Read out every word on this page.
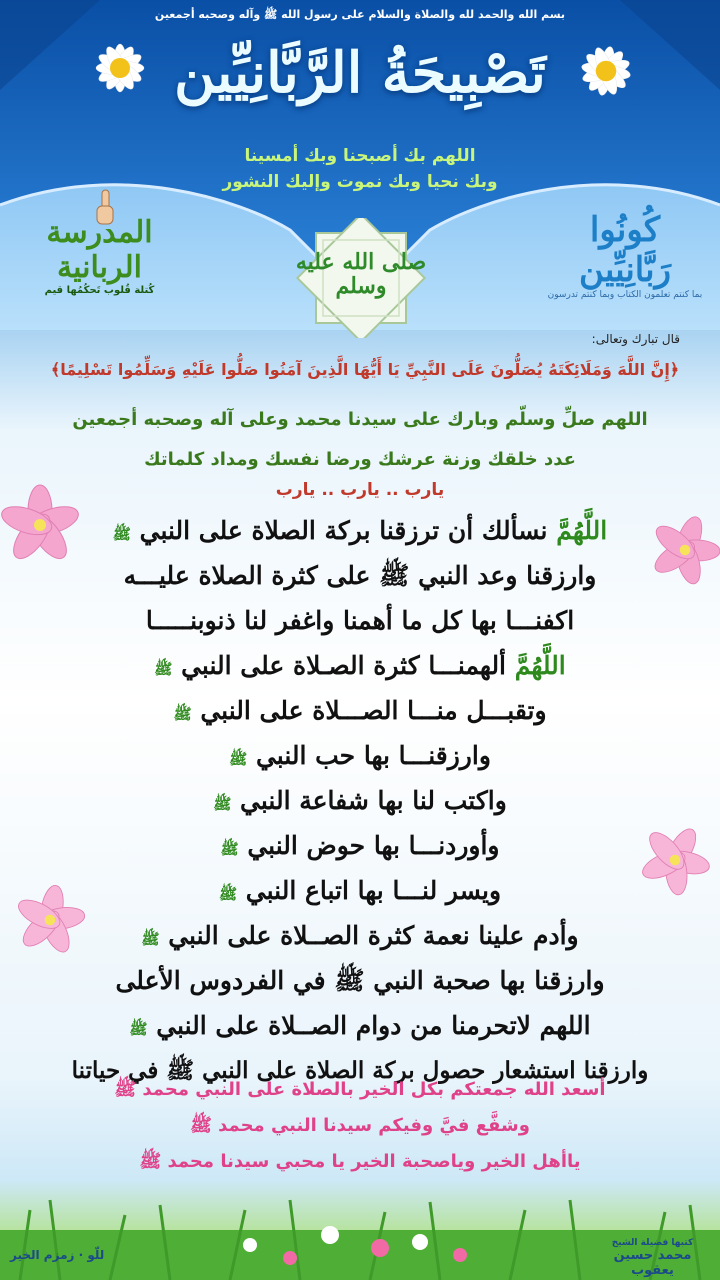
بسم الله والحمد لله والصلاة والسلام على رسول الله ﷺ وآله وصحبه أجمعين
تَصْبِيحَةُ الرَّبَّانِيِّين
اللهم بك أصبحنا وبك أمسينا
وبك نحيا وبك نموت وإليك النشور
كُونُوا رَبَّانِيِّين
بما كنتم تعلمون الكتاب وبما كنتم تدرسون
المدرسة الربانية
كُتلة قُلوب تَحكُمُها قيم
صلى الله عليه وسلم
قال تبارك وتعالى:
﴿إِنَّ اللَّهَ وَمَلَائِكَتَهُ يُصَلُّونَ عَلَى النَّبِيِّ يَا أَيُّهَا الَّذِينَ آمَنُوا صَلُّوا عَلَيْهِ وَسَلِّمُوا تَسْلِيمًا﴾
اللهم صلِّ وسلّم وبارك على سيدنا محمد وعلى آله وصحبه أجمعين
عدد خلقك وزنة عرشك ورضا نفسك ومداد كلماتك
يارب .. يارب .. يارب
اللَّهُمَّ نسألك أن ترزقنا بركة الصلاة على النبي ﷺ
وارزقنا وعد النبي ﷺ على كثرة الصلاة عليـــه
اكفنـــا بها كل ما أهمنا واغفر لنا ذنوبنـــــا
اللَّهُمَّ ألهمنـــا كثرة الصـلاة على النبي ﷺ
وتقبـــل منـــا الصـــلاة على النبي ﷺ
وارزقنـــا بها حب النبي ﷺ
واكتب لنا بها شفاعة النبي ﷺ
وأوردنـــا بها حوض النبي ﷺ
ويسر لنـــا بها اتباع النبي ﷺ
وأدم علينا نعمة كثرة الصــلاة على النبي ﷺ
وارزقنا بها صحبة النبي ﷺ في الفردوس الأعلى
اللهم لاتحرمنا من دوام الصــلاة على النبي ﷺ
وارزقنا استشعار حصول بركة الصلاة على النبي ﷺ في حياتنا
أسعد الله جمعتكم بكل الخير بالصلاة على النبي محمد ﷺ
وشفَّع فيَّ وفيكم سيدنا النبي محمد ﷺ
ياأهل الخير وياصحبة الخير يا محبي سيدنا محمد ﷺ
للّو · زمزم الخير
كتبها فضيلة الشيخ
محمد حسين يعقوب
